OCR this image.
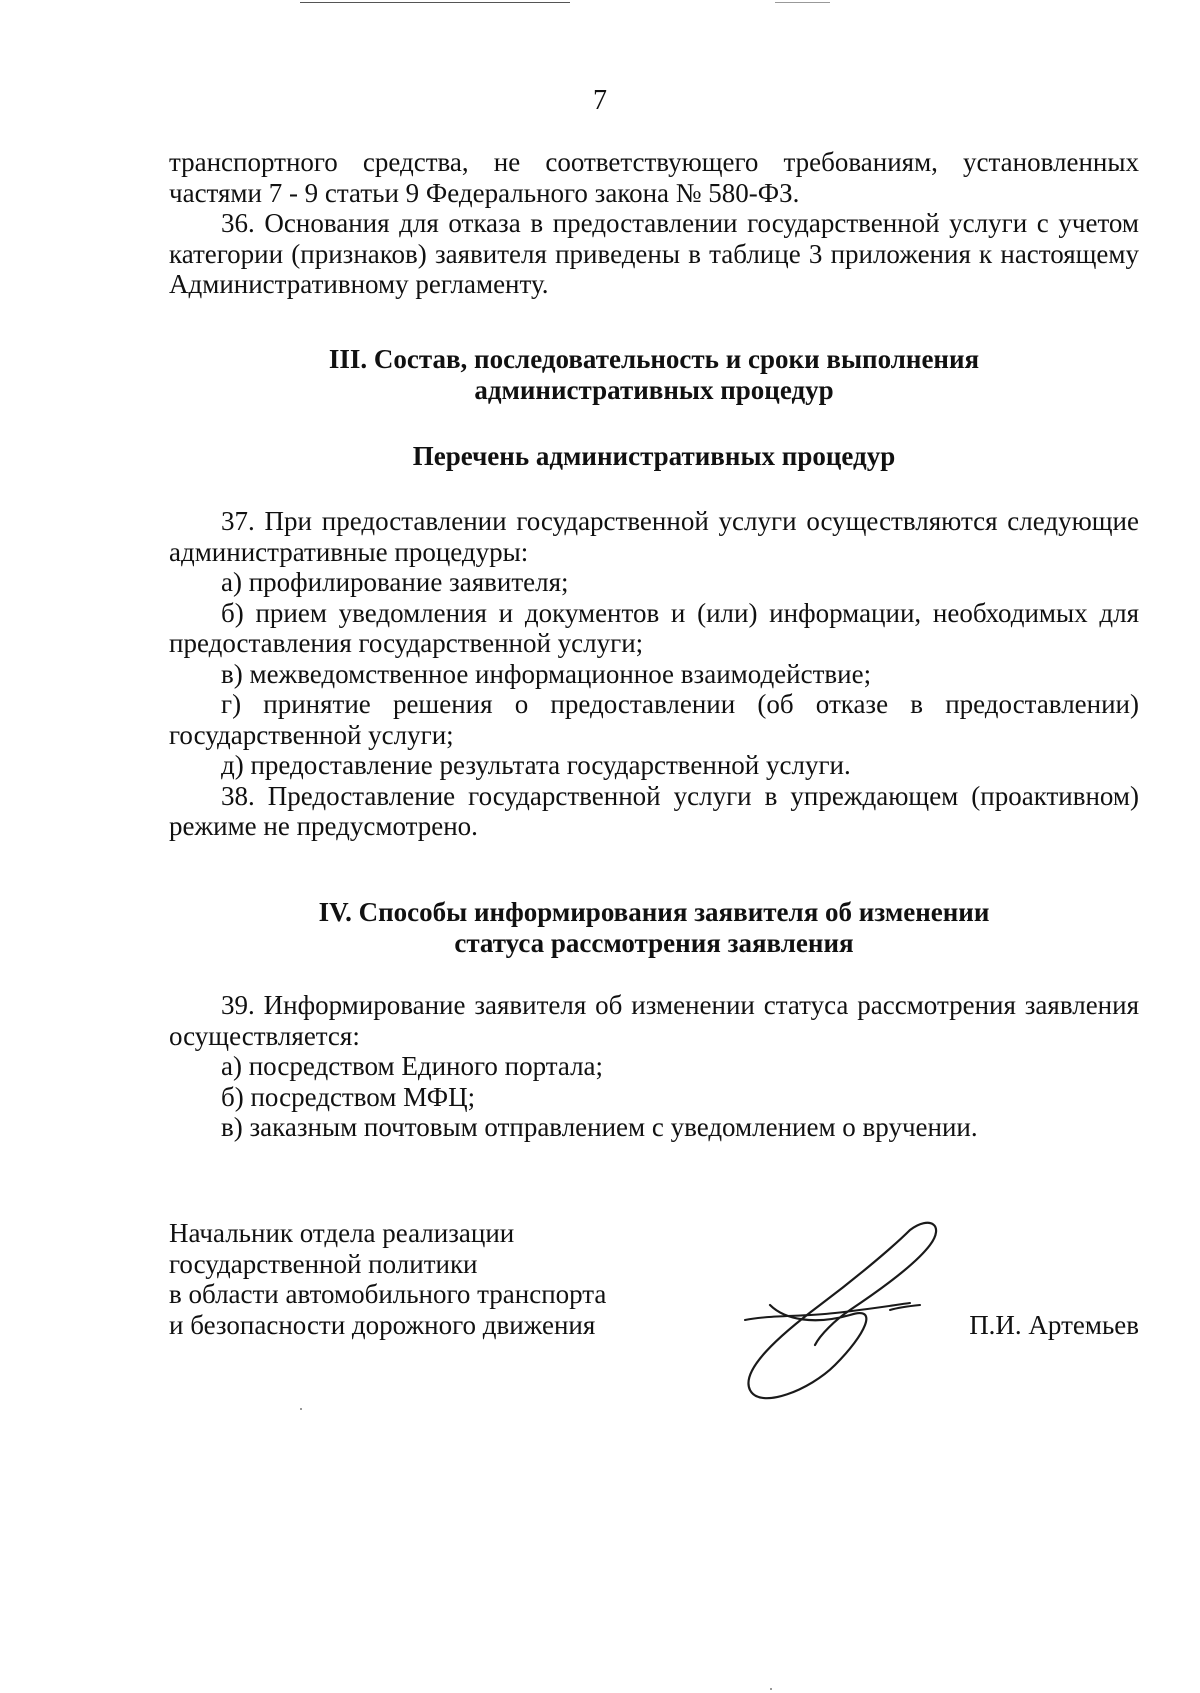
7

транспортного средства, не соответствующего требованиям, установленных частями 7 - 9 статьи 9 Федерального закона № 580-ФЗ.

36. Основания для отказа в предоставлении государственной услуги с учетом категории (признаков) заявителя приведены в таблице 3 приложения к настоящему Административному регламенту.

III. Состав, последовательность и сроки выполнения
административных процедур
Перечень административных процедур

37. При предоставлении государственной услуги осуществляются следующие административные процедуры:

а) профилирование заявителя;

б) прием уведомления и документов и (или) информации, необходимых для предоставления государственной услуги;

в) межведомственное информационное взаимодействие;

г) принятие решения о предоставлении (об отказе в предоставлении) государственной услуги;

д) предоставление результата государственной услуги.

38. Предоставление государственной услуги в упреждающем (проактивном) режиме не предусмотрено.

IV. Способы информирования заявителя об изменении
статуса рассмотрения заявления

39. Информирование заявителя об изменении статуса рассмотрения заявления осуществляется:

а) посредством Единого портала;

б) посредством МФЦ;

в) заказным почтовым отправлением с уведомлением о вручении.

Начальник отдела реализации
государственной политики
в области автомобильного транспорта
и безопасности дорожного движения	П.И. Артемьев
